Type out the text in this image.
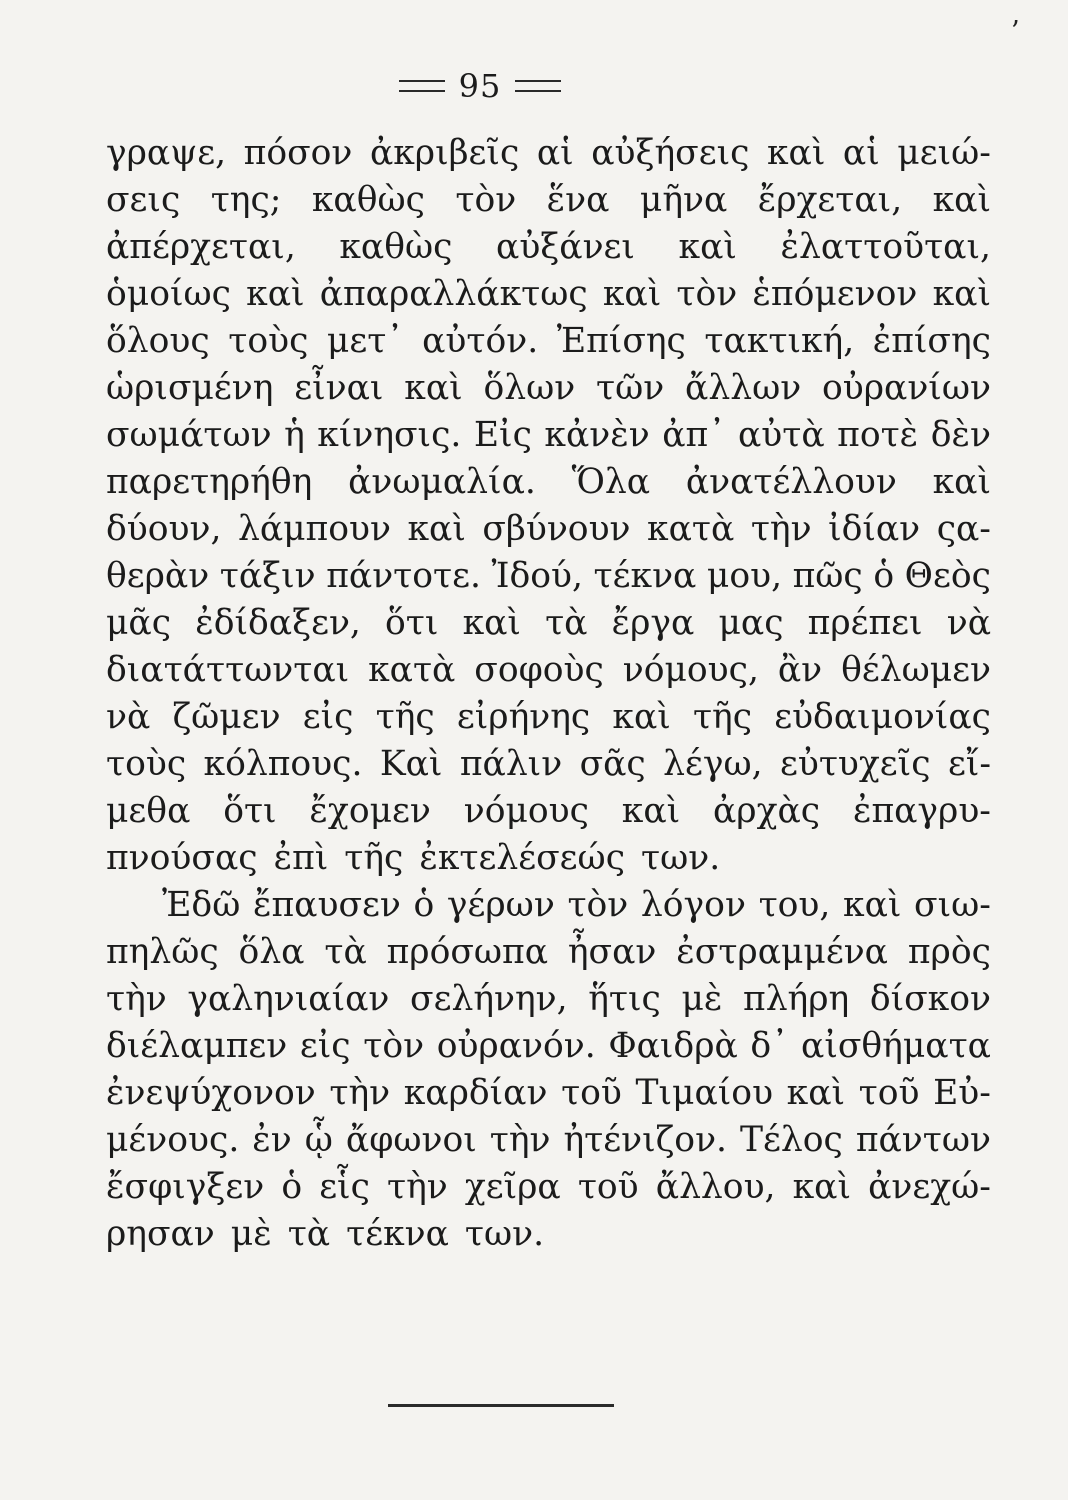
ʼ
95
γραψε, πόσον ἀκριβεῖς αἱ αὐξήσεις καὶ αἱ μειώ-
σεις της; καθὼς τὸν ἕνα μῆνα ἔρχεται, καὶ
ἀπέρχεται, καθὼς αὐξάνει καὶ ἐλαττοῦται,
ὁμοίως καὶ ἀπαραλλάκτως καὶ τὸν ἑπόμενον καὶ
ὅλους τοὺς μετ᾽ αὐτόν. Ἐπίσης τακτική, ἐπίσης
ὡρισμένη εἶναι καὶ ὅλων τῶν ἄλλων οὐρανίων
σωμάτων ἡ κίνησις. Εἰς κἀνὲν ἀπ᾽ αὐτὰ ποτὲ δὲν
παρετηρήθη ἀνωμαλία. Ὅλα ἀνατέλλουν καὶ
δύουν, λάμπουν καὶ σβύνουν κατὰ τὴν ἰδίαν ςα-
θερὰν τάξιν πάντοτε. Ἰδού, τέκνα μου, πῶς ὁ Θεὸς
μᾶς ἐδίδαξεν, ὅτι καὶ τὰ ἔργα μας πρέπει νὰ
διατάττωνται κατὰ σοφοὺς νόμους, ἂν θέλωμεν
νὰ ζῶμεν εἰς τῆς εἰρήνης καὶ τῆς εὐδαιμονίας
τοὺς κόλπους. Καὶ πάλιν σᾶς λέγω, εὐτυχεῖς εἴ-
μεθα ὅτι ἔχομεν νόμους καὶ ἀρχὰς ἐπαγρυ-
πνούσας ἐπὶ τῆς ἐκτελέσεώς των.
Ἐδῶ ἔπαυσεν ὁ γέρων τὸν λόγον του, καὶ σιω-
πηλῶς ὅλα τὰ πρόσωπα ἦσαν ἐστραμμένα πρὸς
τὴν γαληνιαίαν σελήνην, ἥτις μὲ πλήρη δίσκον
διέλαμπεν εἰς τὸν οὐρανόν. Φαιδρὰ δ᾽ αἰσθήματα
ἐνεψύχονον τὴν καρδίαν τοῦ Τιμαίου καὶ τοῦ Εὐ-
μένους. ἐν ᾧ ἄφωνοι τὴν ἠτένιζον. Τέλος πάντων
ἔσφιγξεν ὁ εἷς τὴν χεῖρα τοῦ ἄλλου, καὶ ἀνεχώ-
ρησαν μὲ τὰ τέκνα των.
